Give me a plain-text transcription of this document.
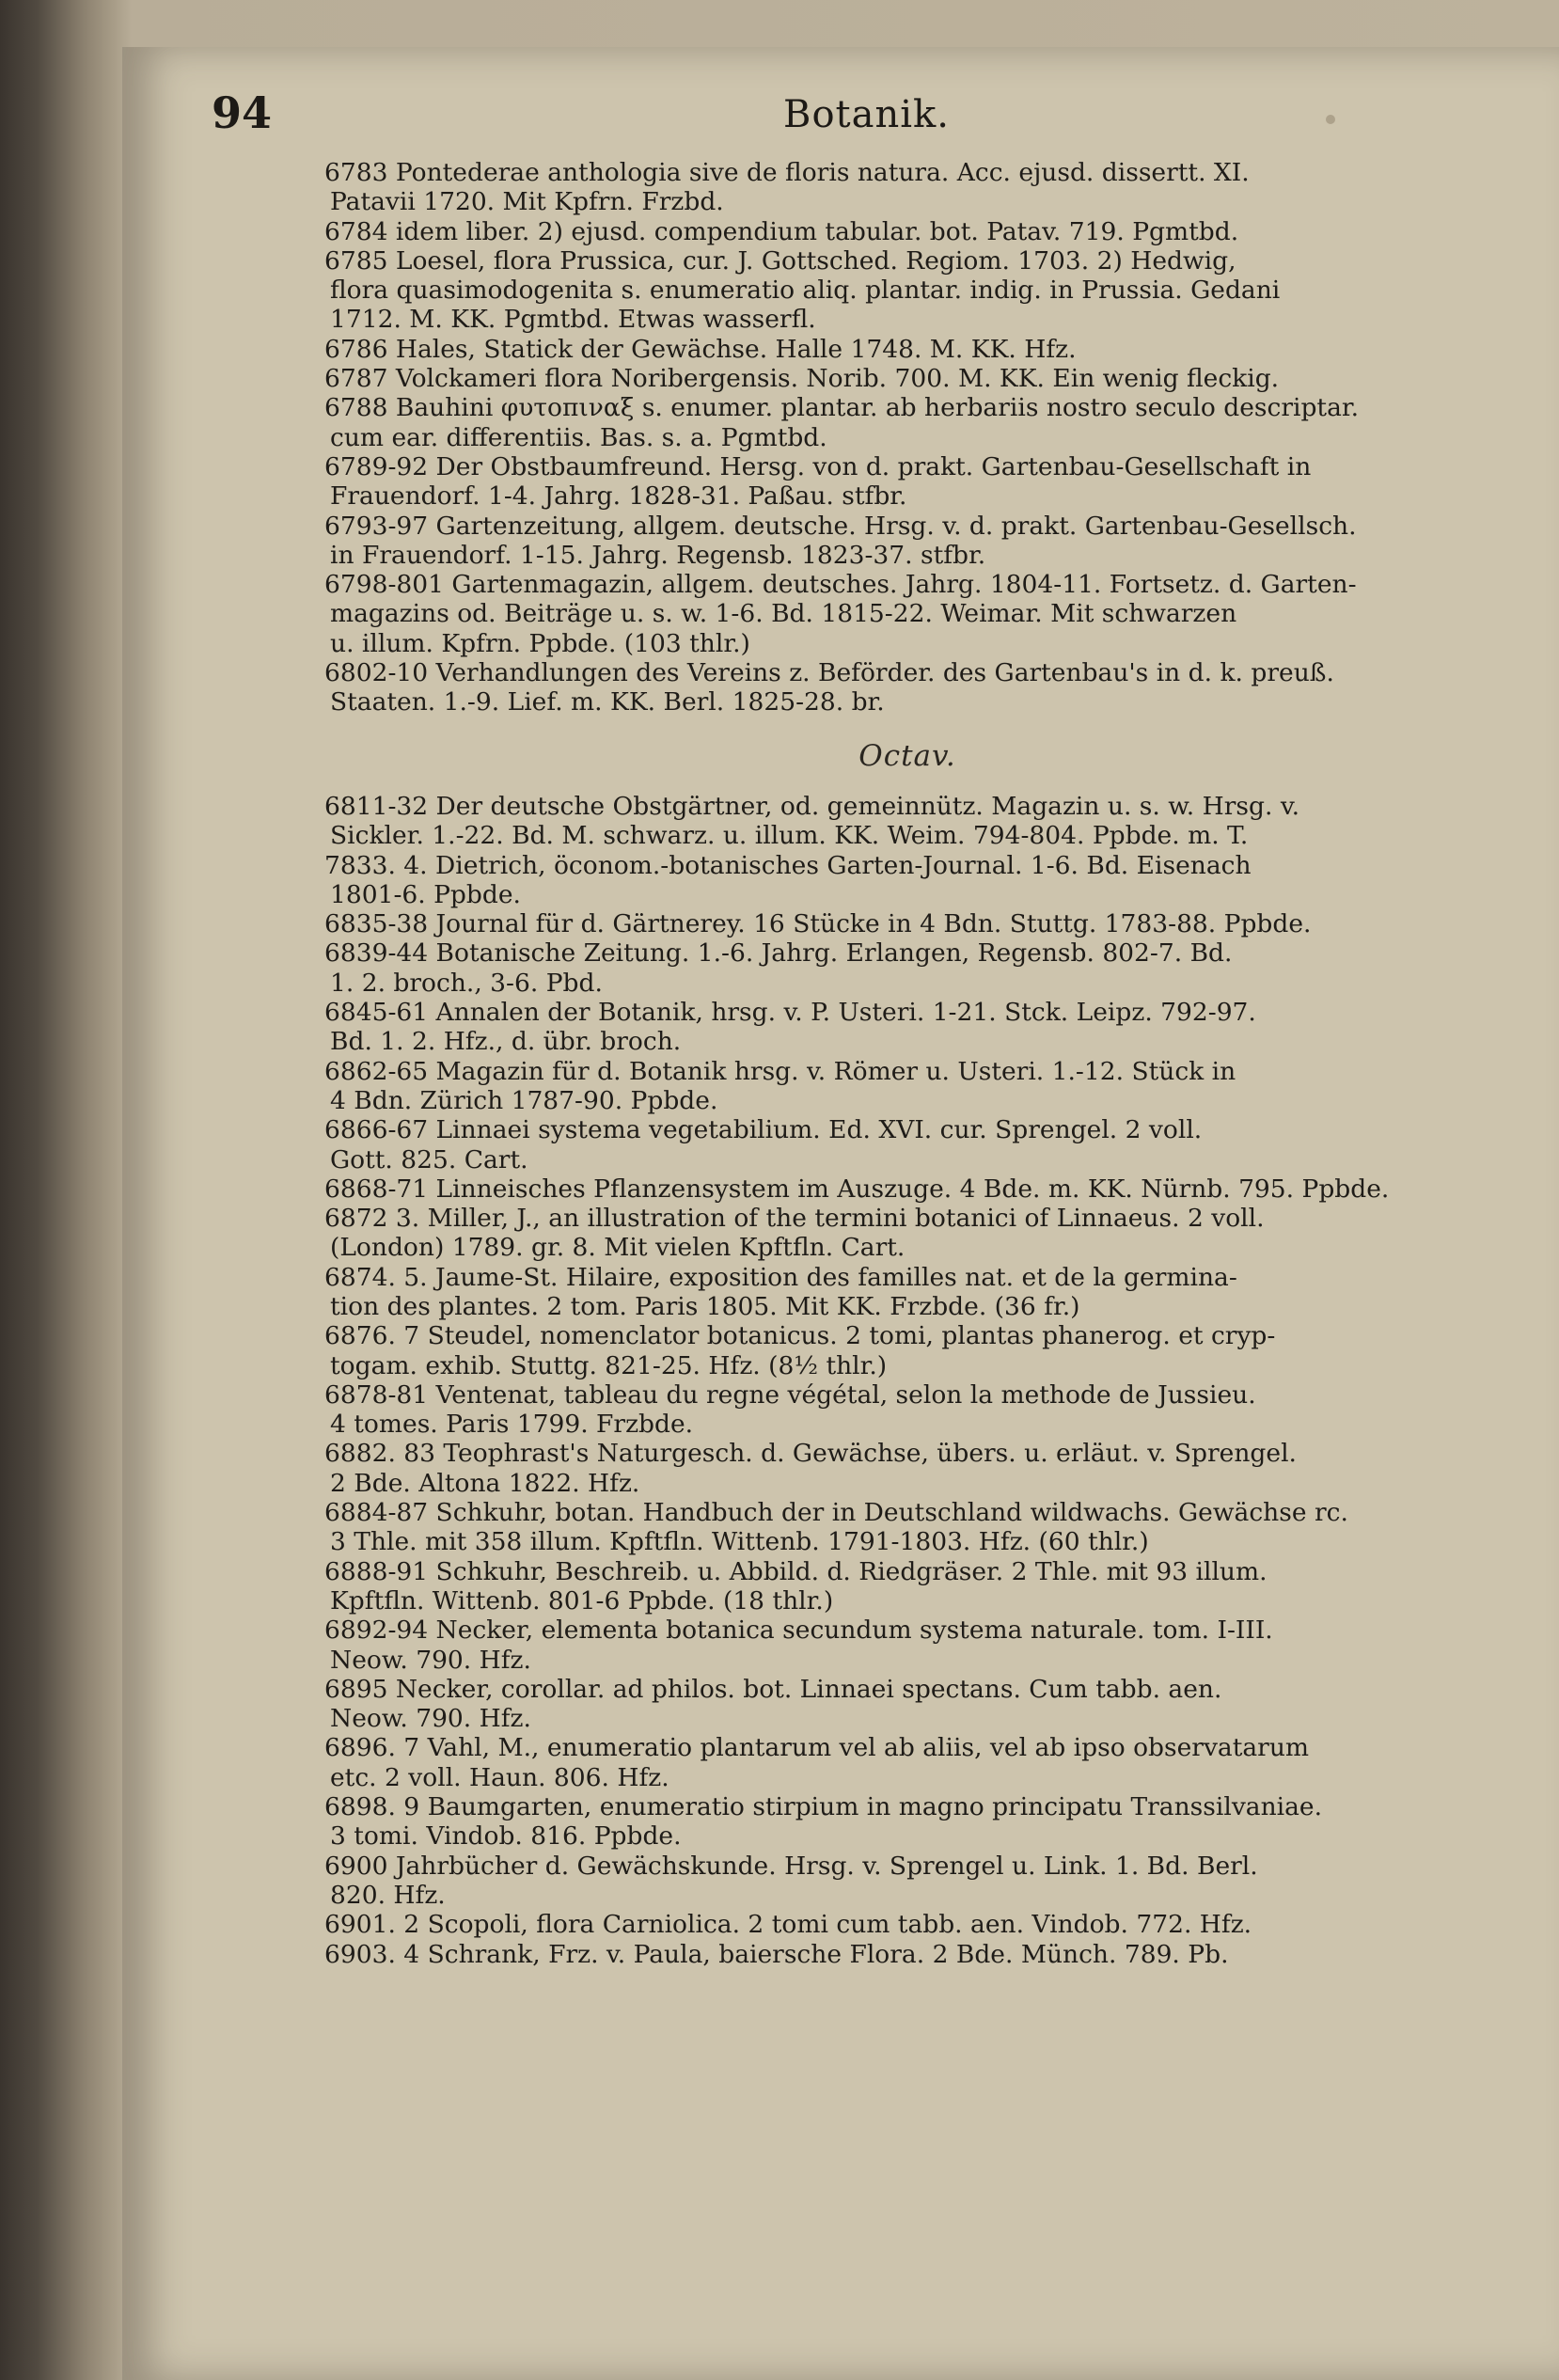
94	Botanik.

6783 Pontederae anthologia sive de floris natura. Acc. ejusd. dissertt. XI.

Patavii 1720. Mit Kpfrn. Frzbd.

6784 idem liber. 2) ejusd. compendium tabular. bot. Patav. 719. Pgmtbd.

6785 Loesel, flora Prussica, cur. J. Gottsched. Regiom. 1703. 2) Hedwig,

flora quasimodogenita s. enumeratio aliq. plantar. indig. in Prussia. Gedani

1712. M. KK. Pgmtbd. Etwas wasserfl.

6786 Hales, Statick der Gewächse. Halle 1748. M. KK. Hfz.

6787 Volckameri flora Noribergensis. Norib. 700. M. KK. Ein wenig fleckig.

6788 Bauhini φυτοπιναξ s. enumer. plantar. ab herbariis nostro seculo descriptar.

cum ear. differentiis. Bas. s. a. Pgmtbd.

6789-92 Der Obstbaumfreund. Hersg. von d. prakt. Gartenbau-Gesellschaft in

Frauendorf. 1-4. Jahrg. 1828-31. Paßau. stfbr.

6793-97 Gartenzeitung, allgem. deutsche. Hrsg. v. d. prakt. Gartenbau-Gesellsch.

in Frauendorf. 1-15. Jahrg. Regensb. 1823-37. stfbr.

6798-801 Gartenmagazin, allgem. deutsches. Jahrg. 1804-11. Fortsetz. d. Garten-

magazins od. Beiträge u. s. w. 1-6. Bd. 1815-22. Weimar. Mit schwarzen

u. illum. Kpfrn. Ppbde. (103 thlr.)

6802-10 Verhandlungen des Vereins z. Beförder. des Gartenbau's in d. k. preuß.

Staaten. 1.-9. Lief. m. KK. Berl. 1825-28. br.

Octav.

6811-32 Der deutsche Obstgärtner, od. gemeinnütz. Magazin u. s. w. Hrsg. v.

Sickler. 1.-22. Bd. M. schwarz. u. illum. KK. Weim. 794-804. Ppbde. m. T.

7833. 4. Dietrich, öconom.-botanisches Garten-Journal. 1-6. Bd. Eisenach

1801-6. Ppbde.

6835-38 Journal für d. Gärtnerey. 16 Stücke in 4 Bdn. Stuttg. 1783-88. Ppbde.

6839-44 Botanische Zeitung. 1.-6. Jahrg. Erlangen, Regensb. 802-7. Bd.

1. 2. broch., 3-6. Pbd.

6845-61 Annalen der Botanik, hrsg. v. P. Usteri. 1-21. Stck. Leipz. 792-97.

Bd. 1. 2. Hfz., d. übr. broch.

6862-65 Magazin für d. Botanik hrsg. v. Römer u. Usteri. 1.-12. Stück in

4 Bdn. Zürich 1787-90. Ppbde.

6866-67 Linnaei systema vegetabilium. Ed. XVI. cur. Sprengel. 2 voll.

Gott. 825. Cart.

6868-71 Linneisches Pflanzensystem im Auszuge. 4 Bde. m. KK. Nürnb. 795. Ppbde.

6872 3. Miller, J., an illustration of the termini botanici of Linnaeus. 2 voll.

(London) 1789. gr. 8. Mit vielen Kpftfln. Cart.

6874. 5. Jaume-St. Hilaire, exposition des familles nat. et de la germina-

tion des plantes. 2 tom. Paris 1805. Mit KK. Frzbde. (36 fr.)

6876. 7 Steudel, nomenclator botanicus. 2 tomi, plantas phanerog. et cryp-

togam. exhib. Stuttg. 821-25. Hfz. (8½ thlr.)

6878-81 Ventenat, tableau du regne végétal, selon la methode de Jussieu.

4 tomes. Paris 1799. Frzbde.

6882. 83 Teophrast's Naturgesch. d. Gewächse, übers. u. erläut. v. Sprengel.

2 Bde. Altona 1822. Hfz.

6884-87 Schkuhr, botan. Handbuch der in Deutschland wildwachs. Gewächse rc.

3 Thle. mit 358 illum. Kpftfln. Wittenb. 1791-1803. Hfz. (60 thlr.)

6888-91 Schkuhr, Beschreib. u. Abbild. d. Riedgräser. 2 Thle. mit 93 illum.

Kpftfln. Wittenb. 801-6 Ppbde. (18 thlr.)

6892-94 Necker, elementa botanica secundum systema naturale. tom. I-III.

Neow. 790. Hfz.

6895 Necker, corollar. ad philos. bot. Linnaei spectans. Cum tabb. aen.

Neow. 790. Hfz.

6896. 7 Vahl, M., enumeratio plantarum vel ab aliis, vel ab ipso observatarum

etc. 2 voll. Haun. 806. Hfz.

6898. 9 Baumgarten, enumeratio stirpium in magno principatu Transsilvaniae.

3 tomi. Vindob. 816. Ppbde.

6900 Jahrbücher d. Gewächskunde. Hrsg. v. Sprengel u. Link. 1. Bd. Berl.

820. Hfz.

6901. 2 Scopoli, flora Carniolica. 2 tomi cum tabb. aen. Vindob. 772. Hfz.

6903. 4 Schrank, Frz. v. Paula, baiersche Flora. 2 Bde. Münch. 789. Pb.
